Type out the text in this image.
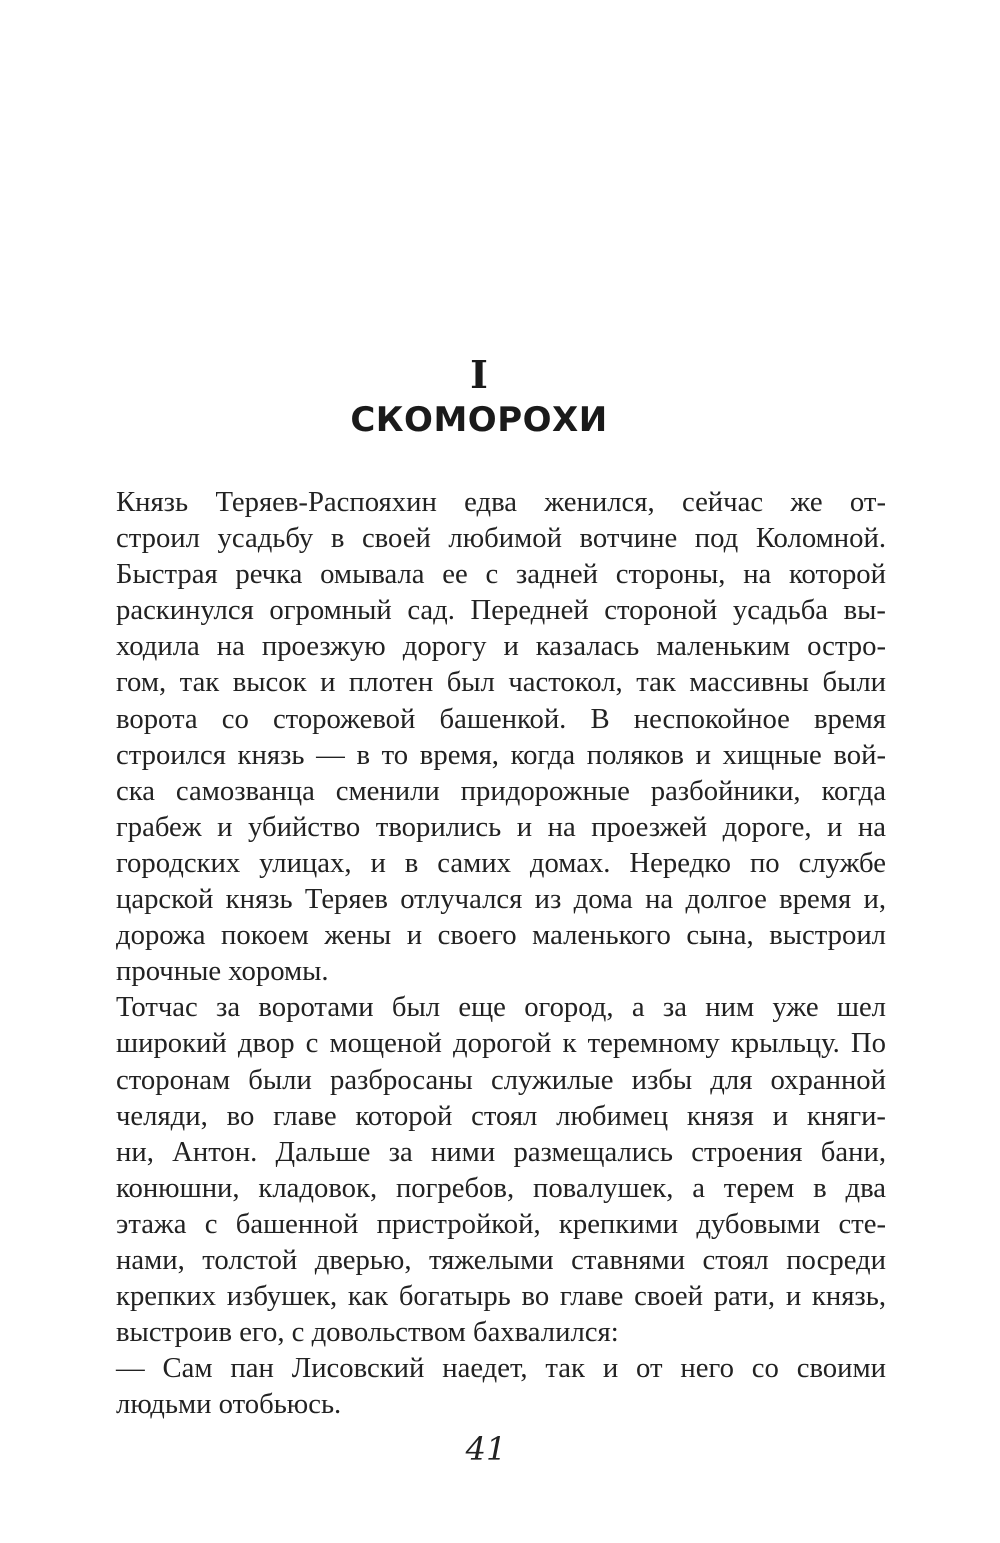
I
СКОМОРОХИ
Князь Теряев-Распояхин едва женился, сейчас же от-
строил усадьбу в своей любимой вотчине под Коломной.
Быстрая речка омывала ее с задней стороны, на которой
раскинулся огромный сад. Передней стороной усадьба вы-
ходила на проезжую дорогу и казалась маленьким остро-
гом, так высок и плотен был частокол, так массивны были
ворота со сторожевой башенкой. В неспокойное время
строился князь — в то время, когда поляков и хищные вой-
ска самозванца сменили придорожные разбойники, когда
грабеж и убийство творились и на проезжей дороге, и на
городских улицах, и в самих домах. Нередко по службе
царской князь Теряев отлучался из дома на долгое время и,
дорожа покоем жены и своего маленького сына, выстроил
прочные хоромы.
Тотчас за воротами был еще огород, а за ним уже шел
широкий двор с мощеной дорогой к теремному крыльцу. По
сторонам были разбросаны служилые избы для охранной
челяди, во главе которой стоял любимец князя и княги-
ни, Антон. Дальше за ними размещались строения бани,
конюшни, кладовок, погребов, повалушек, а терем в два
этажа с башенной пристройкой, крепкими дубовыми сте-
нами, толстой дверью, тяжелыми ставнями стоял посреди
крепких избушек, как богатырь во главе своей рати, и князь,
выстроив его, с довольством бахвалился:
— Сам пан Лисовский наедет, так и от него со своими
людьми отобьюсь.
41
